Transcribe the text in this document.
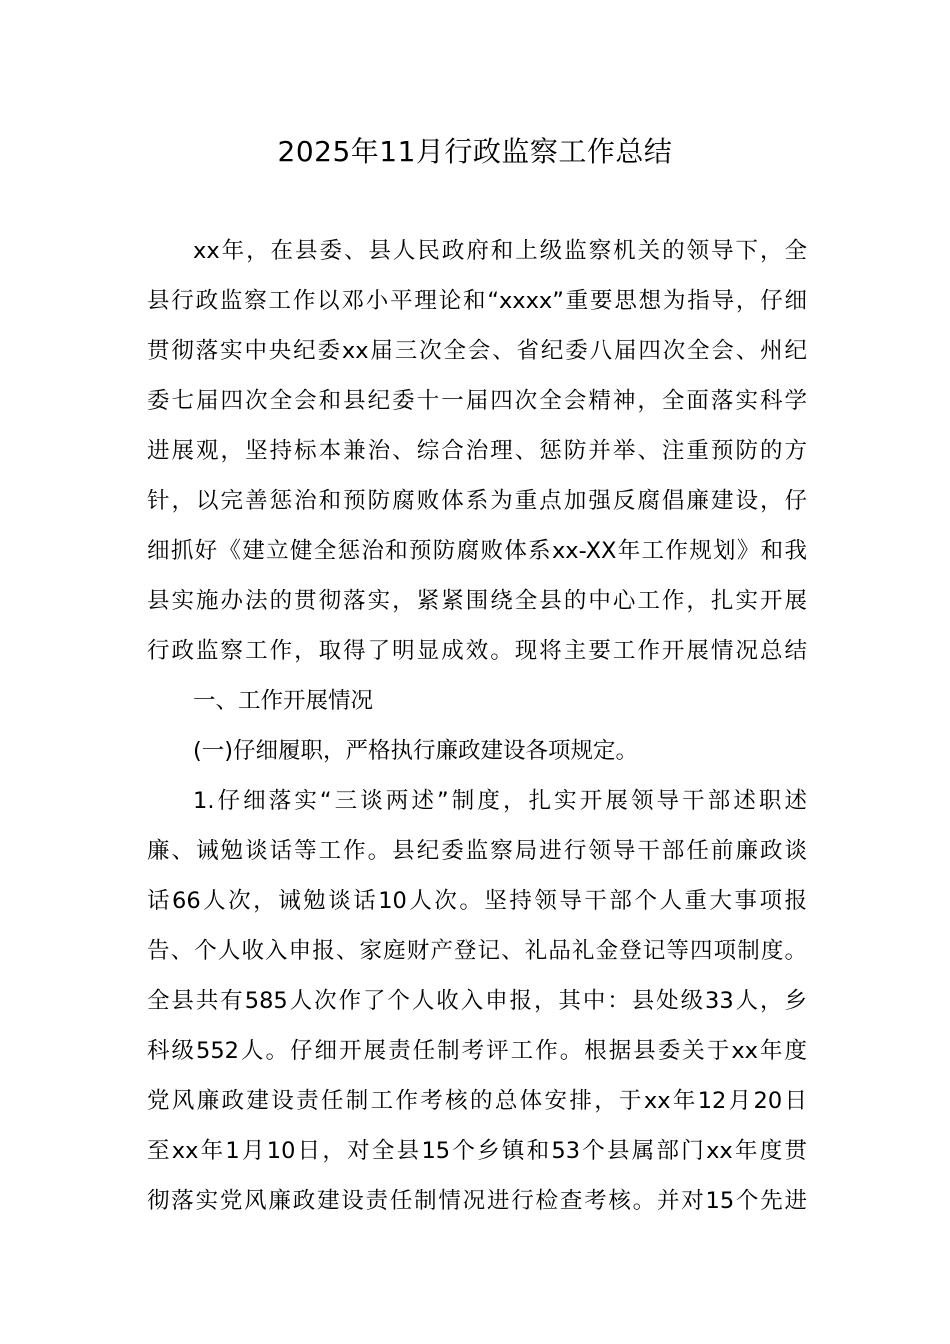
2025年11月行政监察工作总结
xx年，在县委、县人民政府和上级监察机关的领导下，全
县行政监察工作以邓小平理论和“xxxx”重要思想为指导，仔细
贯彻落实中央纪委xx届三次全会、省纪委八届四次全会、州纪
委七届四次全会和县纪委十一届四次全会精神，全面落实科学
进展观，坚持标本兼治、综合治理、惩防并举、注重预防的方
针，以完善惩治和预防腐败体系为重点加强反腐倡廉建设，仔
细抓好《建立健全惩治和预防腐败体系xx-XX年工作规划》和我
县实施办法的贯彻落实，紧紧围绕全县的中心工作，扎实开展
行政监察工作，取得了明显成效。现将主要工作开展情况总结
一、工作开展情况
(一)仔细履职，严格执行廉政建设各项规定。
1.仔细落实“三谈两述”制度，扎实开展领导干部述职述
廉、诫勉谈话等工作。县纪委监察局进行领导干部任前廉政谈
话66人次，诫勉谈话10人次。坚持领导干部个人重大事项报
告、个人收入申报、家庭财产登记、礼品礼金登记等四项制度。
全县共有585人次作了个人收入申报，其中：县处级33人，乡
科级552人。仔细开展责任制考评工作。根据县委关于xx年度
党风廉政建设责任制工作考核的总体安排，于xx年12月20日
至xx年1月10日，对全县15个乡镇和53个县属部门xx年度贯
彻落实党风廉政建设责任制情况进行检查考核。并对15个先进
